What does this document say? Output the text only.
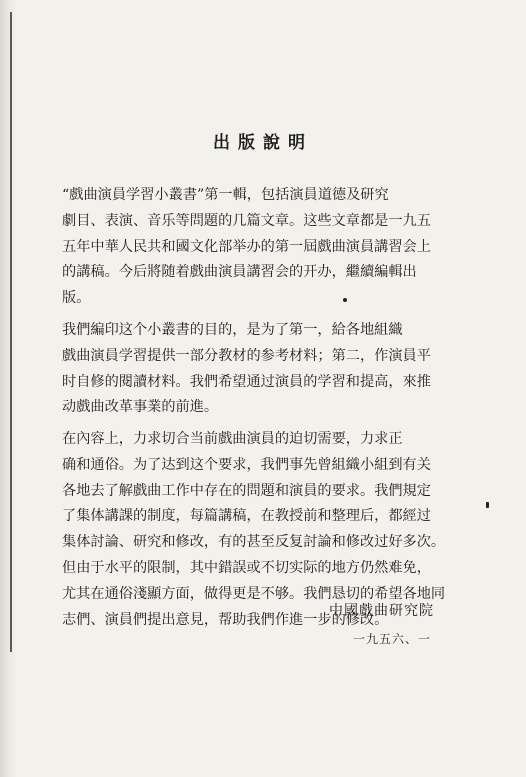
出版說明
“戲曲演員学習小叢書”第一輯，包括演員道德及研究
劇目、表演、音乐等問題的几篇文章。这些文章都是一九五
五年中華人民共和國文化部举办的第一屆戲曲演員講習会上
的講稿。今后將随着戲曲演員講習会的开办，繼續編輯出
版。
我們編印这个小叢書的目的，是为了第一，給各地組織
戲曲演員学習提供一部分教材的参考材料；第二，作演員平
时自修的閱讀材料。我們希望通过演員的学習和提高，來推
动戲曲改革事業的前進。
在內容上，力求切合当前戲曲演員的迫切需要，力求正
确和通俗。为了达到这个要求，我們事先曾組織小組到有关
各地去了解戲曲工作中存在的問題和演員的要求。我們規定
了集体講課的制度，每篇講稿，在教授前和整理后，都經过
集体討論、研究和修改，有的甚至反复討論和修改过好多次。
但由于水平的限制，其中錯誤或不切实际的地方仍然难免，
尤其在通俗淺顯方面，做得更是不够。我們恳切的希望各地同
志們、演員們提出意見，帮助我們作進一步的修改。
中國戲曲研究院
一九五六、一
